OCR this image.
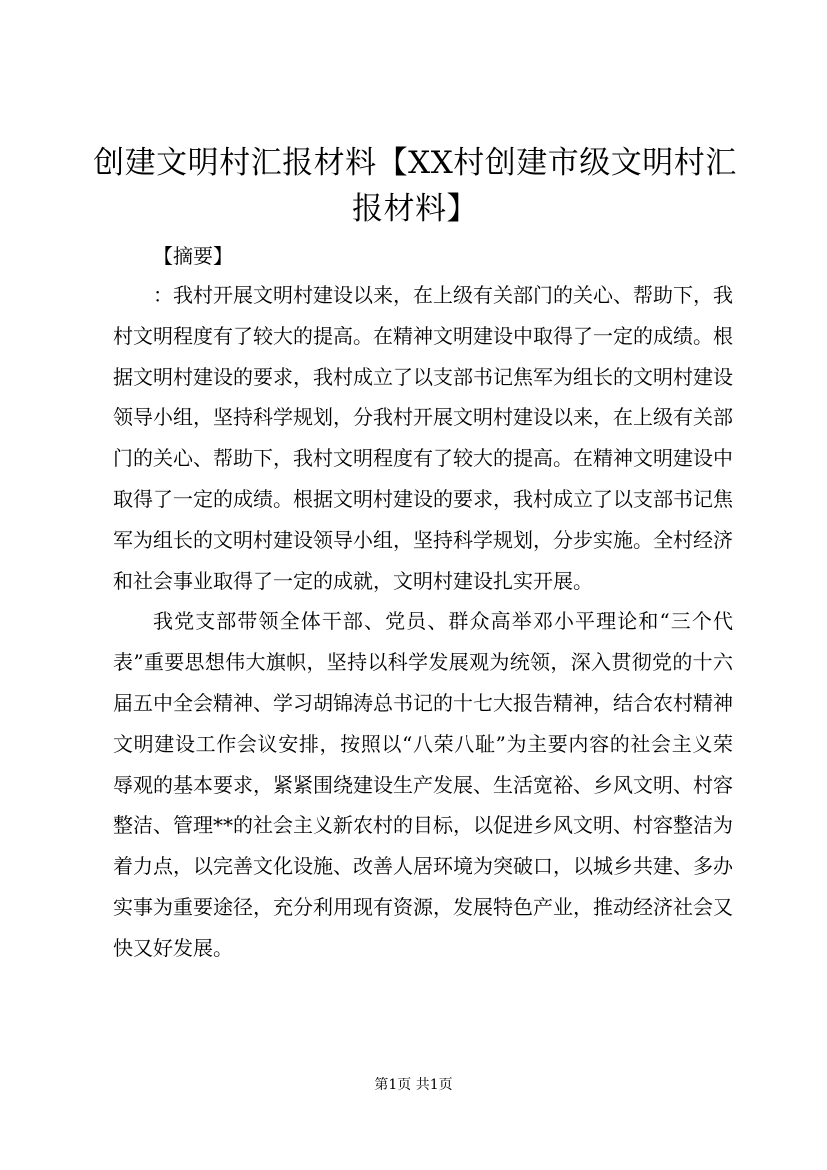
创建文明村汇报材料【XX村创建市级文明村汇报材料】

【摘要】

：我村开展文明村建设以来，在上级有关部门的关心、帮助下，我村文明程度有了较大的提高。在精神文明建设中取得了一定的成绩。根据文明村建设的要求，我村成立了以支部书记焦军为组长的文明村建设领导小组，坚持科学规划，分我村开展文明村建设以来，在上级有关部门的关心、帮助下，我村文明程度有了较大的提高。在精神文明建设中取得了一定的成绩。根据文明村建设的要求，我村成立了以支部书记焦军为组长的文明村建设领导小组，坚持科学规划，分步实施。全村经济和社会事业取得了一定的成就，文明村建设扎实开展。

我党支部带领全体干部、党员、群众高举邓小平理论和“三个代表”重要思想伟大旗帜，坚持以科学发展观为统领，深入贯彻党的十六届五中全会精神、学习胡锦涛总书记的十七大报告精神，结合农村精神文明建设工作会议安排，按照以“八荣八耻”为主要内容的社会主义荣辱观的基本要求，紧紧围绕建设生产发展、生活宽裕、乡风文明、村容整洁、管理**的社会主义新农村的目标，以促进乡风文明、村容整洁为着力点，以完善文化设施、改善人居环境为突破口，以城乡共建、多办实事为重要途径，充分利用现有资源，发展特色产业，推动经济社会又快又好发展。

第1页 共1页
